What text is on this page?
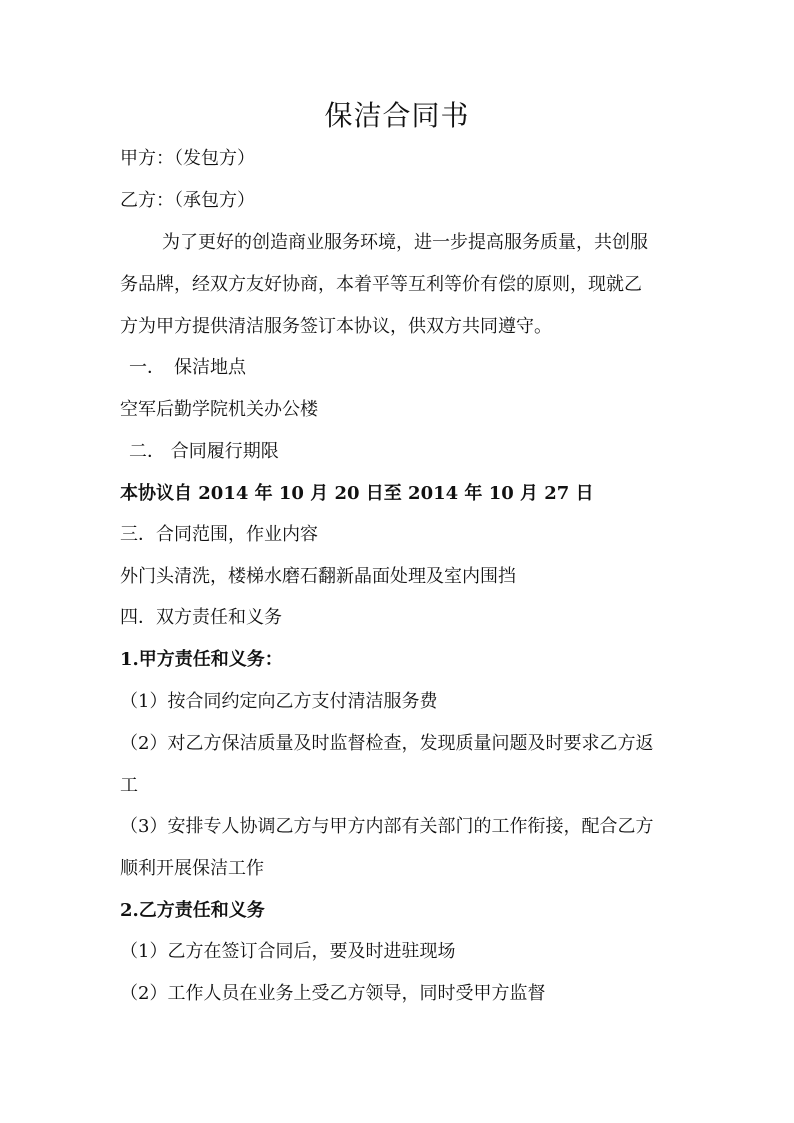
保洁合同书
甲方：（发包方）
乙方：（承包方）
为了更好的创造商业服务环境，进一步提高服务质量，共创服
务品牌，经双方友好协商，本着平等互利等价有偿的原则，现就乙
方为甲方提供清洁服务签订本协议，供双方共同遵守。
一．　保洁地点
空军后勤学院机关办公楼
二． 合同履行期限
本协议自 2014 年 10 月 20 日至 2014 年 10 月 27 日
三．合同范围，作业内容
外门头清洗，楼梯水磨石翻新晶面处理及室内围挡
四．双方责任和义务
1.甲方责任和义务：
（1）按合同约定向乙方支付清洁服务费
（2）对乙方保洁质量及时监督检查，发现质量问题及时要求乙方返
工
（3）安排专人协调乙方与甲方内部有关部门的工作衔接，配合乙方
顺利开展保洁工作
2.乙方责任和义务
（1）乙方在签订合同后，要及时进驻现场
（2）工作人员在业务上受乙方领导，同时受甲方监督
